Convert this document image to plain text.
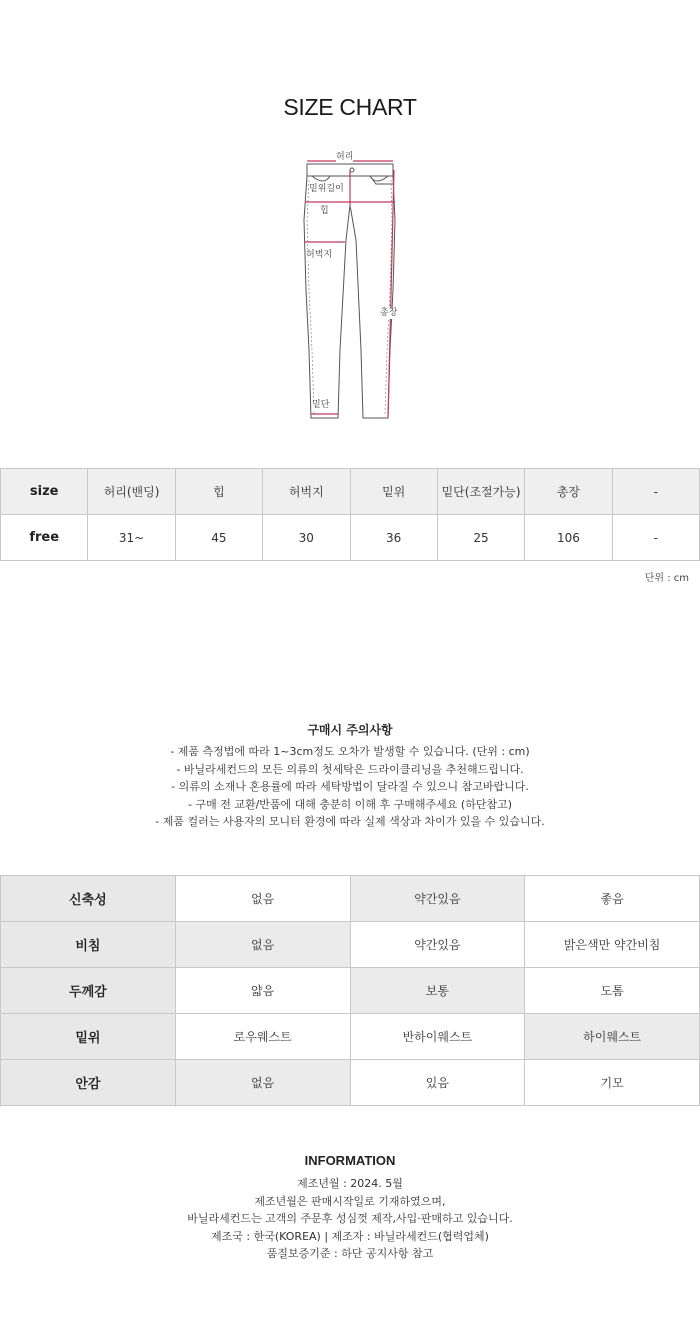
SIZE CHART
허리
밑위길이
힙
허벅지
총장
밑단
size	허리(밴딩)	힙	허벅지	밑위	밑단(조절가능)	총장	-
free	31~	45	30	36	25	106	-
단위 : cm
구매시 주의사항
- 제품 측정법에 따라 1~3cm정도 오차가 발생할 수 있습니다. (단위 : cm)
- 바닐라세컨드의 모든 의류의 첫세탁은 드라이클리닝을 추천해드립니다.
- 의류의 소재나 혼용률에 따라 세탁방법이 달라질 수 있으니 참고바랍니다.
- 구매 전 교환/반품에 대해 충분히 이해 후 구매해주세요 (하단참고)
- 제품 컬러는 사용자의 모니터 환경에 따라 실제 색상과 차이가 있을 수 있습니다.
신축성	없음	약간있음	좋음
비침	없음	약간있음	밝은색만 약간비침
두께감	얇음	보통	도톰
밑위	로우웨스트	반하이웨스트	하이웨스트
안감	없음	있음	기모
INFORMATION
제조년월 : 2024. 5월
제조년월은 판매시작일로 기재하였으며,
바닐라세컨드는 고객의 주문후 성심껏 제작,사입·판매하고 있습니다.
제조국 : 한국(KOREA) | 제조자 : 바닐라세컨드(협력업체)
품질보증기준 : 하단 공지사항 참고
